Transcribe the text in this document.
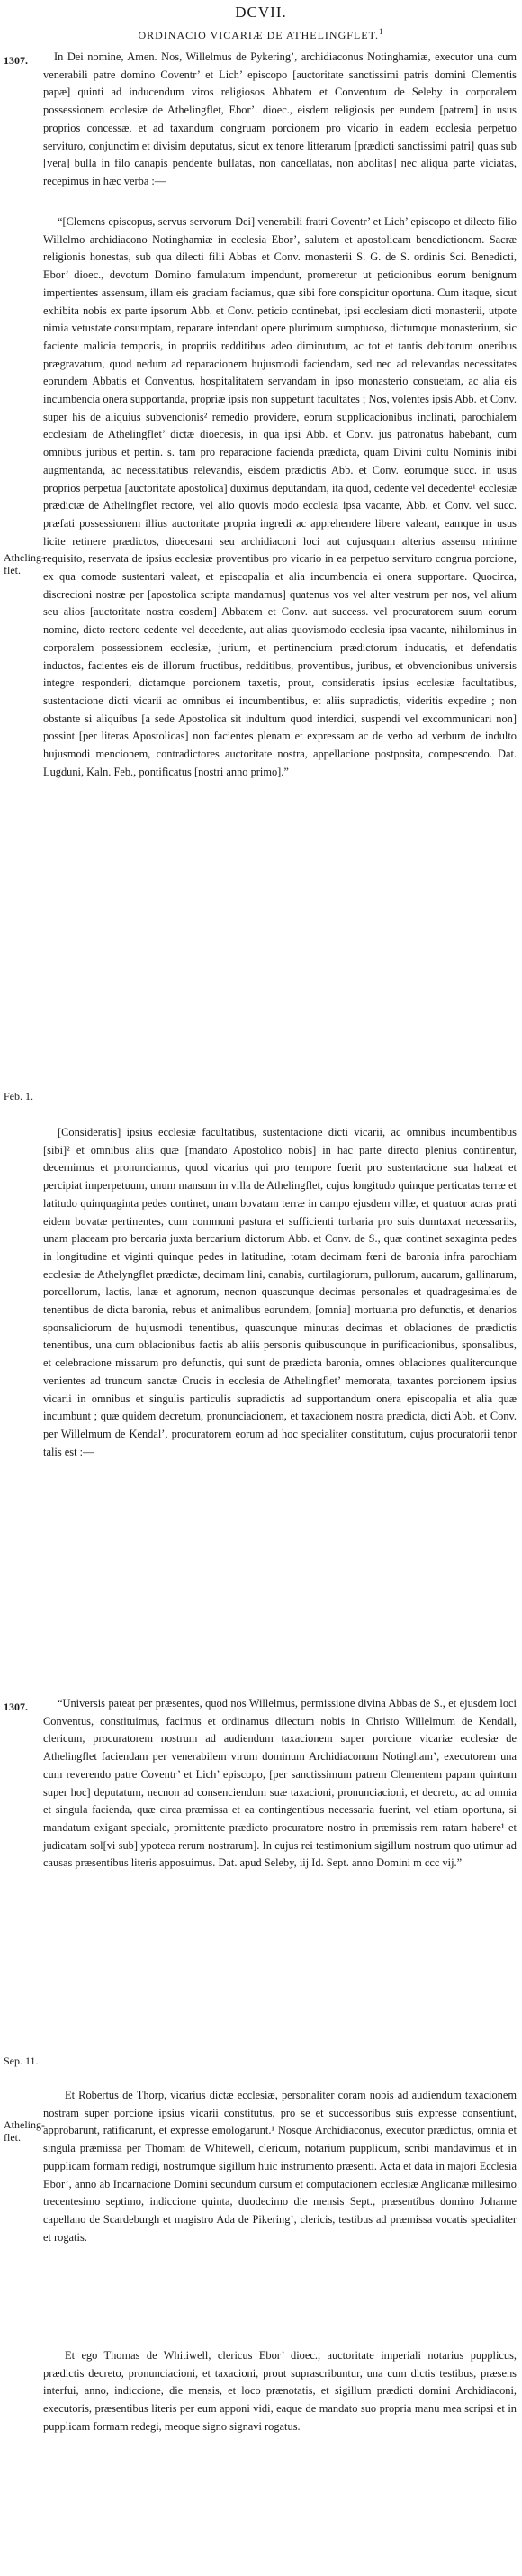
DCVII.
ORDINACIO VICARIÆ DE ATHELINGFLET.$^1$
1307.
Atheling-flet.
Feb. 1.
1307.
Sep. 11.
Atheling-flet.

In Dei nomine, Amen. Nos, Willelmus de Pykering’, archidiaconus Notinghamiæ, executor una cum venerabili patre domino Coventr’ et Lich’ episcopo [auctoritate sanctissimi patris domini Clementis papæ] quinti ad inducendum viros religiosos Abbatem et Conventum de Seleby in corporalem possessionem ecclesiæ de Athelingflet, Ebor’. dioec., eisdem religiosis per eundem [patrem] in usus proprios concessæ, et ad taxandum congruam porcionem pro vicario in eadem ecclesia perpetuo servituro, conjunctim et divisim deputatus, sicut ex tenore litterarum [prædicti sanctissimi patri] quas sub [vera] bulla in filo canapis pendente bullatas, non cancellatas, non abolitas] nec aliqua parte viciatas, recepimus in hæc verba :—

“[Clemens episcopus, servus servorum Dei] venerabili fratri Coventr’ et Lich’ episcopo et dilecto filio Willelmo archidiacono Notinghamiæ in ecclesia Ebor’, salutem et apostolicam benedictionem. Sacræ religionis honestas, sub qua dilecti filii Abbas et Conv. monasterii S. G. de S. ordinis Sci. Benedicti, Ebor’ dioec., devotum Domino famulatum impendunt, promeretur ut peticionibus eorum benignum impertientes assensum, illam eis graciam faciamus, quæ sibi fore conspicitur oportuna. Cum itaque, sicut exhibita nobis ex parte ipsorum Abb. et Conv. peticio continebat, ipsi ecclesiam dicti monasterii, utpote nimia vetustate consumptam, reparare intendant opere plurimum sumptuoso, dictumque monasterium, sic faciente malicia temporis, in propriis redditibus adeo diminutum, ac tot et tantis debitorum oneribus prægravatum, quod nedum ad reparacionem hujusmodi faciendam, sed nec ad relevandas necessitates eorundem Abbatis et Conventus, hospitalitatem servandam in ipso monasterio consuetam, ac alia eis incumbencia onera supportanda, propriæ ipsis non suppetunt facultates ; Nos, volentes ipsis Abb. et Conv. super his de aliquius subvencionis² remedio providere, eorum supplicacionibus inclinati, parochialem ecclesiam de Athelingflet’ dictæ dioecesis, in qua ipsi Abb. et Conv. jus patronatus habebant, cum omnibus juribus et pertin. s. tam pro reparacione facienda prædicta, quam Divini cultu Nominis inibi augmentanda, ac necessitatibus relevandis, eisdem prædictis Abb. et Conv. eorumque succ. in usus proprios perpetua [auctoritate apostolica] duximus deputandam, ita quod, cedente vel decedente¹ ecclesiæ prædictæ de Athelingflet rectore, vel alio quovis modo ecclesia ipsa vacante, Abb. et Conv. vel succ. præfati possessionem illius auctoritate propria ingredi ac apprehendere libere valeant, eamque in usus licite retinere prædictos, dioecesani seu archidiaconi loci aut cujusquam alterius assensu minime requisito, reservata de ipsius ecclesiæ proventibus pro vicario in ea perpetuo servituro congrua porcione, ex qua comode sustentari valeat, et episcopalia et alia incumbencia ei onera supportare. Quocirca, discrecioni nostræ per [apostolica scripta mandamus] quatenus vos vel alter vestrum per nos, vel alium seu alios [auctoritate nostra eosdem] Abbatem et Conv. aut success. vel procuratorem suum eorum nomine, dicto rectore cedente vel decedente, aut alias quovismodo ecclesia ipsa vacante, nihilominus in corporalem possessionem ecclesiæ, jurium, et pertinencium prædictorum inducatis, et defendatis inductos, facientes eis de illorum fructibus, redditibus, proventibus, juribus, et obvencionibus universis integre responderi, dictamque porcionem taxetis, prout, consideratis ipsius ecclesiæ facultatibus, sustentacione dicti vicarii ac omnibus ei incumbentibus, et aliis supradictis, videritis expedire ; non obstante si aliquibus [a sede Apostolica sit indultum quod interdici, suspendi vel excommunicari non] possint [per literas Apostolicas] non facientes plenam et expressam ac de verbo ad verbum de indulto hujusmodi mencionem, contradictores auctoritate nostra, appellacione postposita, compescendo. Dat. Lugduni, Kaln. Feb., pontificatus [nostri anno primo].”

[Consideratis] ipsius ecclesiæ facultatibus, sustentacione dicti vicarii, ac omnibus incumbentibus [sibi]² et omnibus aliis quæ [mandato Apostolico nobis] in hac parte directo plenius continentur, decernimus et pronunciamus, quod vicarius qui pro tempore fuerit pro sustentacione sua habeat et percipiat imperpetuum, unum mansum in villa de Athelingflet, cujus longitudo quinque perticatas terræ et latitudo quinquaginta pedes continet, unam bovatam terræ in campo ejusdem villæ, et quatuor acras prati eidem bovatæ pertinentes, cum communi pastura et sufficienti turbaria pro suis dumtaxat necessariis, unam placeam pro bercaria juxta bercarium dictorum Abb. et Conv. de S., quæ continet sexaginta pedes in longitudine et viginti quinque pedes in latitudine, totam decimam fœni de baronia infra parochiam ecclesiæ de Athelyngflet prædictæ, decimam lini, canabis, curtilagiorum, pullorum, aucarum, gallinarum, porcellorum, lactis, lanæ et agnorum, necnon quascunque decimas personales et quadragesimales de tenentibus de dicta baronia, rebus et animalibus eorundem, [omnia] mortuaria pro defunctis, et denarios sponsaliciorum de hujusmodi tenentibus, quascunque minutas decimas et oblaciones de prædictis tenentibus, una cum oblacionibus factis ab aliis personis quibuscunque in purificacionibus, sponsalibus, et celebracione missarum pro defunctis, qui sunt de prædicta baronia, omnes oblaciones qualitercunque venientes ad truncum sanctæ Crucis in ecclesia de Athelingflet’ memorata, taxantes porcionem ipsius vicarii in omnibus et singulis particulis supradictis ad supportandum onera episcopalia et alia quæ incumbunt ; quæ quidem decretum, pronunciacionem, et taxacionem nostra prædicta, dicti Abb. et Conv. per Willelmum de Kendal’, procuratorem eorum ad hoc specialiter constitutum, cujus procuratorii tenor talis est :—

“Universis pateat per præsentes, quod nos Willelmus, permissione divina Abbas de S., et ejusdem loci Conventus, constituimus, facimus et ordinamus dilectum nobis in Christo Willelmum de Kendall, clericum, procuratorem nostrum ad audiendum taxacionem super porcione vicariæ ecclesiæ de Athelingflet faciendam per venerabilem virum dominum Archidiaconum Notingham’, executorem una cum reverendo patre Coventr’ et Lich’ episcopo, [per sanctissimum patrem Clementem papam quintum super hoc] deputatum, necnon ad consenciendum suæ taxacioni, pronunciacioni, et decreto, ac ad omnia et singula facienda, quæ circa præmissa et ea contingentibus necessaria fuerint, vel etiam oportuna, si mandatum exigant speciale, promittente prædicto procuratore nostro in præmissis rem ratam habere¹ et judicatam sol[vi sub] ypoteca rerum nostrarum]. In cujus rei testimonium sigillum nostrum quo utimur ad causas præsentibus literis apposuimus. Dat. apud Seleby, iij Id. Sept. anno Domini m ccc vij.”

Et Robertus de Thorp, vicarius dictæ ecclesiæ, personaliter coram nobis ad audiendum taxacionem nostram super porcione ipsius vicarii constitutus, pro se et successoribus suis expresse consentiunt, approbarunt, ratificarunt, et expresse emologarunt.¹ Nosque Archidiaconus, executor prædictus, omnia et singula præmissa per Thomam de Whitewell, clericum, notarium pupplicum, scribi mandavimus et in pupplicam formam redigi, nostrumque sigillum huic instrumento præsenti. Acta et data in majori Ecclesia Ebor’, anno ab Incarnacione Domini secundum cursum et computacionem ecclesiæ Anglicanæ millesimo trecentesimo septimo, indiccione quinta, duodecimo die mensis Sept., præsentibus domino Johanne capellano de Scardeburgh et magistro Ada de Pikering’, clericis, testibus ad præmissa vocatis specialiter et rogatis.

Et ego Thomas de Whitiwell, clericus Ebor’ dioec., auctoritate imperiali notarius pupplicus, prædictis decreto, pronunciacioni, et taxacioni, prout suprascribuntur, una cum dictis testibus, præsens interfui, anno, indiccione, die mensis, et loco prænotatis, et sigillum prædicti domini Archidiaconi, executoris, præsentibus literis per eum apponi vidi, eaque de mandato suo propria manu mea scripsi et in pupplicam formam redegi, meoque signo signavi rogatus.
